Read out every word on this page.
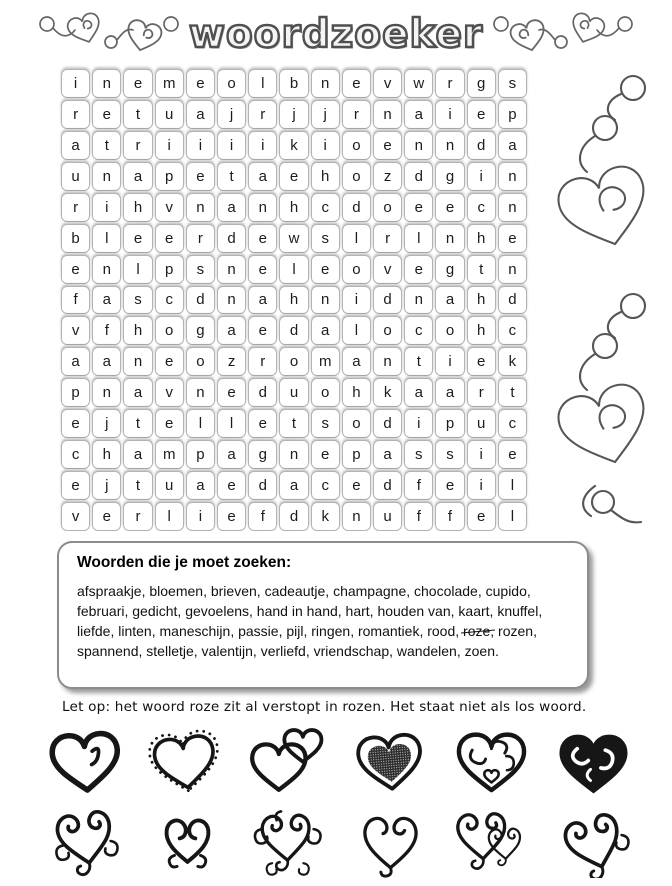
woordzoeker
i	n	e	m	e	o	l	b	n	e	v	w	r	g	s
r	e	t	u	a	j	r	j	j	r	n	a	i	e	p
a	t	r	i	i	i	i	k	i	o	e	n	n	d	a
u	n	a	p	e	t	a	e	h	o	z	d	g	i	n
r	i	h	v	n	a	n	h	c	d	o	e	e	c	n
b	l	e	e	r	d	e	w	s	l	r	l	n	h	e
e	n	l	p	s	n	e	l	e	o	v	e	g	t	n
f	a	s	c	d	n	a	h	n	i	d	n	a	h	d
v	f	h	o	g	a	e	d	a	l	o	c	o	h	c
a	a	n	e	o	z	r	o	m	a	n	t	i	e	k
p	n	a	v	n	e	d	u	o	h	k	a	a	r	t
e	j	t	e	l	l	e	t	s	o	d	i	p	u	c
c	h	a	m	p	a	g	n	e	p	a	s	s	i	e
e	j	t	u	a	e	d	a	c	e	d	f	e	i	l
v	e	r	l	i	e	f	d	k	n	u	f	f	e	l
Woorden die je moet zoeken:

afspraakje, bloemen, brieven, cadeautje, champagne, chocolade, cupido, februari, gedicht, gevoelens, hand in hand, hart, houden van, kaart, knuffel, liefde, linten, maneschijn, passie, pijl, ringen, romantiek, rood, roze, rozen, spannend, stelletje, valentijn, verliefd, vriendschap, wandelen, zoen.

Let op: het woord roze zit al verstopt in rozen. Het staat niet als los woord.
